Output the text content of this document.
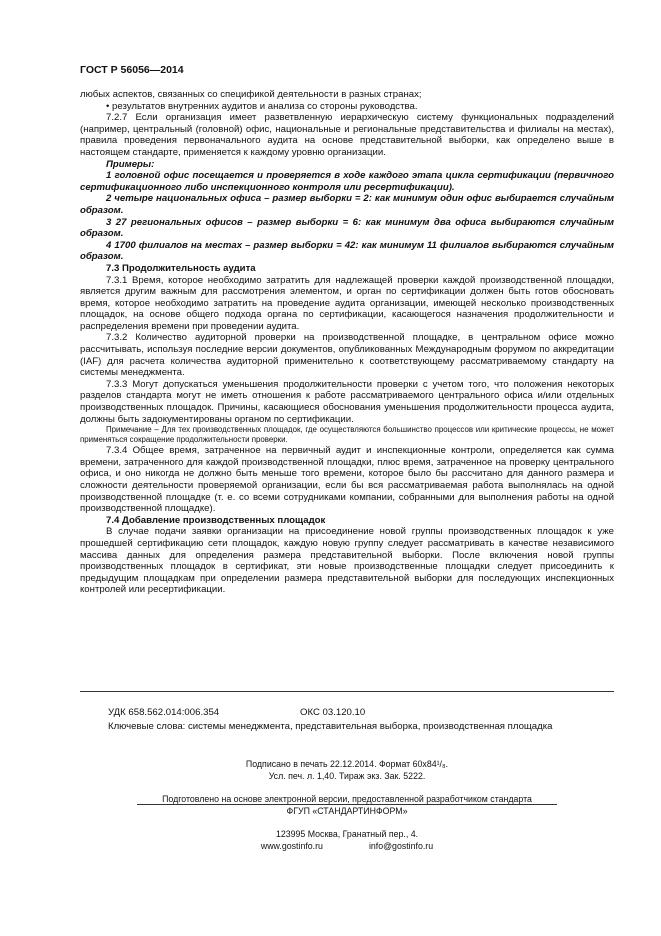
ГОСТ Р 56056—2014

любых аспектов, связанных со спецификой деятельности в разных странах;

• результатов внутренних аудитов и анализа со стороны руководства.

7.2.7 Если организация имеет разветвленную иерархическую систему функциональных подразделений (например, центральный (головной) офис, национальные и региональные представительства и филиалы на местах), правила проведения первоначального аудита на основе представительной выборки, как определено выше в настоящем стандарте, применяется к каждому уровню организации.

Примеры:

1 головной офис посещается и проверяется в ходе каждого этапа цикла сертификации (первичного сертификационного либо инспекционного контроля или ресертификации).

2 четыре национальных офиса – размер выборки = 2: как минимум один офис выбирается случайным образом.

3 27 региональных офисов – размер выборки = 6: как минимум два офиса выбираются случайным образом.

4 1700 филиалов на местах – размер выборки = 42: как минимум 11 филиалов выбираются случайным образом.

7.3 Продолжительность аудита

7.3.1 Время, которое необходимо затратить для надлежащей проверки каждой производственной площадки, является другим важным для рассмотрения элементом, и орган по сертификации должен быть готов обосновать время, которое необходимо затратить на проведение аудита организации, имеющей несколько производственных площадок, на основе общего подхода органа по сертификации, касающегося назначения продолжительности и распределения времени при проведении аудита.

7.3.2 Количество аудиторной проверки на производственной площадке, в центральном офисе можно рассчитывать, используя последние версии документов, опубликованных Международным форумом по аккредитации (IAF) для расчета количества аудиторной применительно к соответствующему рассматриваемому стандарту на системы менеджмента.

7.3.3 Могут допускаться уменьшения продолжительности проверки с учетом того, что положения некоторых разделов стандарта могут не иметь отношения к работе рассматриваемого центрального офиса и/или отдельных производственных площадок. Причины, касающиеся обоснования уменьшения продолжительности процесса аудита, должны быть задокументированы органом по сертификации.

Примечание – Для тех производственных площадок, где осуществляются большинство процессов или критические процессы, не может применяться сокращение продолжительности проверки.

7.3.4 Общее время, затраченное на первичный аудит и инспекционные контроли, определяется как сумма времени, затраченного для каждой производственной площадки, плюс время, затраченное на проверку центрального офиса, и оно никогда не должно быть меньше того времени, которое было бы рассчитано для данного размера и сложности деятельности проверяемой организации, если бы вся рассматриваемая работа выполнялась на одной производственной площадке (т. е. со всеми сотрудниками компании, собранными для выполнения работы на одной производственной площадке).

7.4 Добавление производственных площадок

В случае подачи заявки организации на присоединение новой группы производственных площадок к уже прошедшей сертификацию сети площадок, каждую новую группу следует рассматривать в качестве независимого массива данных для определения размера представительной выборки. После включения новой группы производственных площадок в сертификат, эти новые производственные площадки следует присоединить к предыдущим площадкам при определении размера представительной выборки для последующих инспекционных контролей или ресертификации.

УДК 658.562.014:006.354	ОКС 03.120.10
Ключевые слова: системы менеджмента, представительная выборка, производственная площадка
Подписано в печать 22.12.2014. Формат 60x84¹/₈.
Усл. печ. л. 1,40. Тираж экз. Зак. 5222.
Подготовлено на основе электронной версии, предоставленной разработчиком стандарта
ФГУП «СТАНДАРТИНФОРМ»
123995 Москва, Гранатный пер., 4.
www.gostinfo.ru	info@gostinfo.ru
